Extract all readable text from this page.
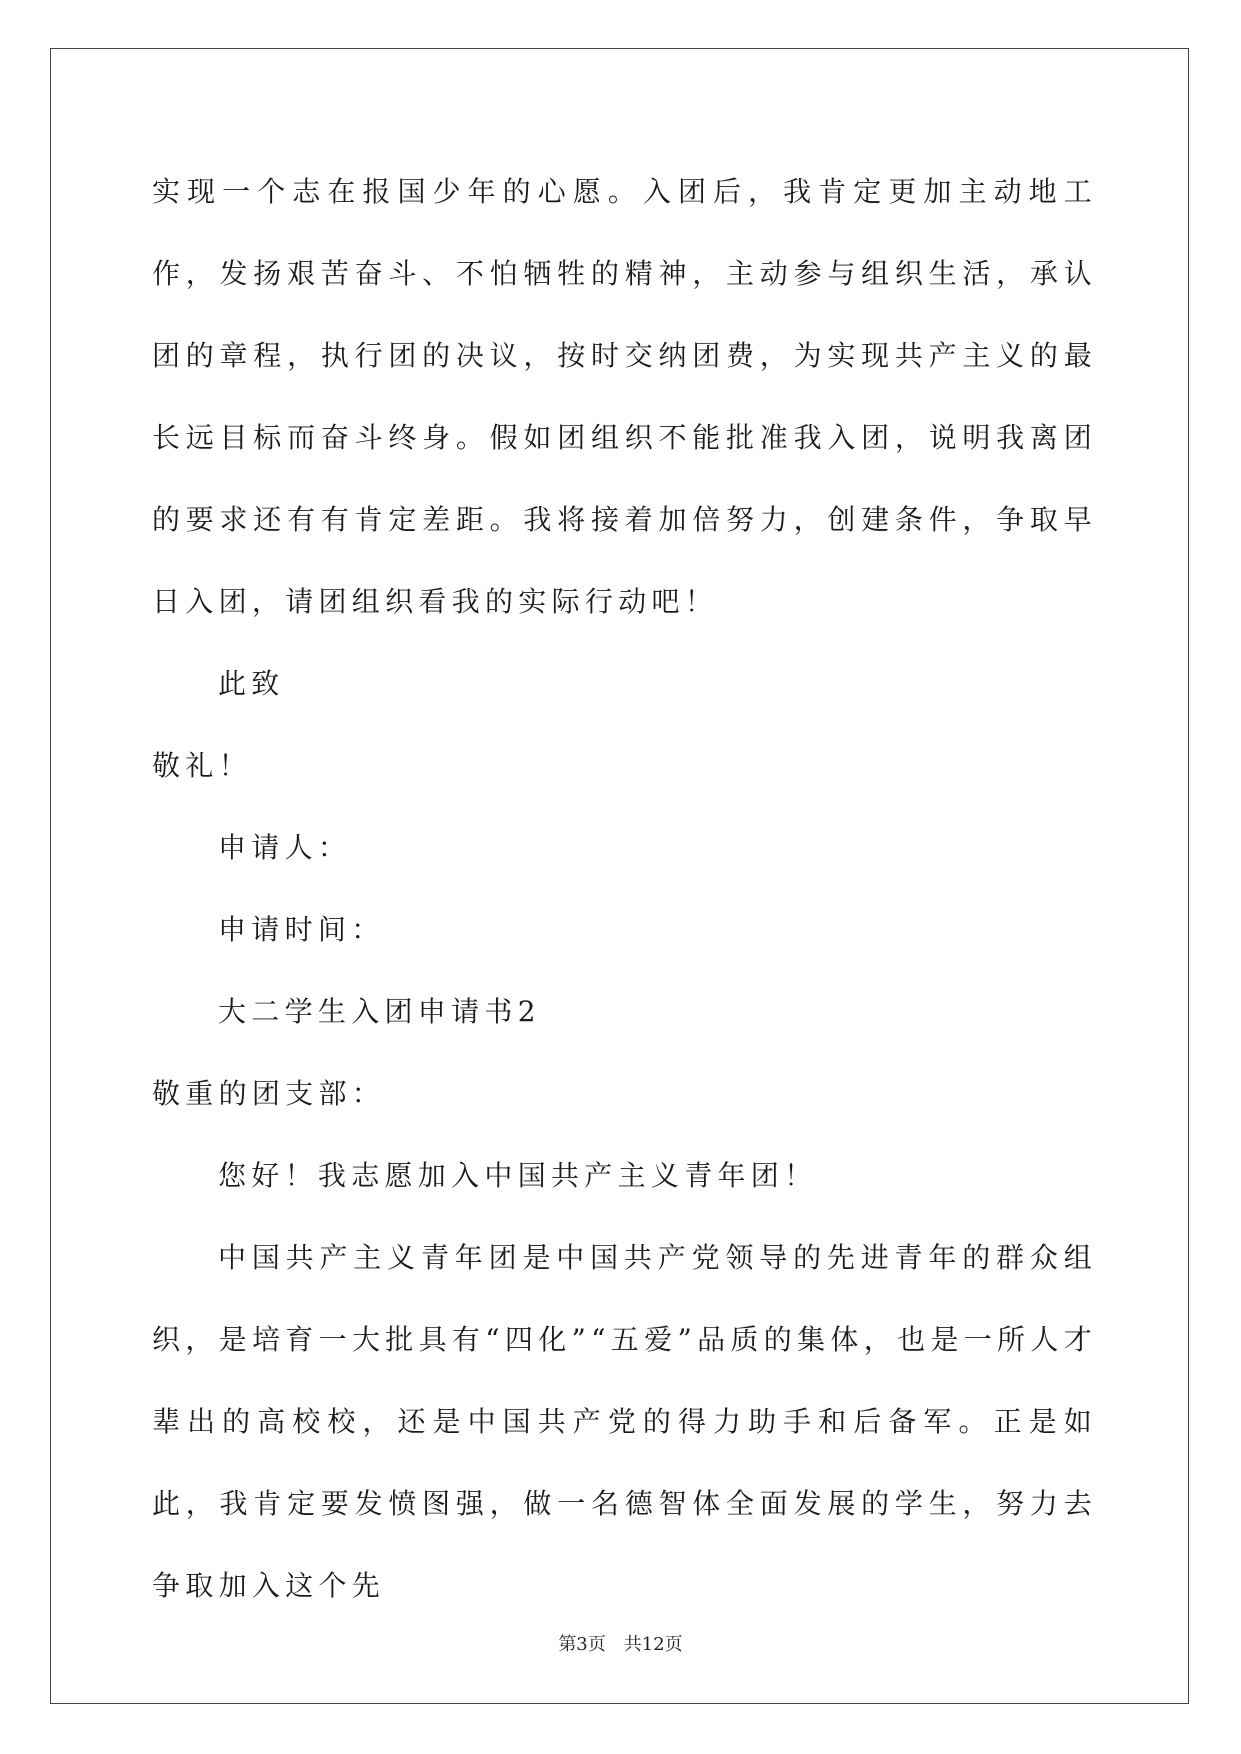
实现一个志在报国少年的心愿。入团后，我肯定更加主动地工作，发扬艰苦奋斗、不怕牺牲的精神，主动参与组织生活，承认团的章程，执行团的决议，按时交纳团费，为实现共产主义的最长远目标而奋斗终身。假如团组织不能批准我入团，说明我离团的要求还有有肯定差距。我将接着加倍努力，创建条件，争取早日入团，请团组织看我的实际行动吧！

此致

敬礼！

申请人：

申请时间：

大二学生入团申请书2

敬重的团支部：

您好！我志愿加入中国共产主义青年团！

中国共产主义青年团是中国共产党领导的先进青年的群众组织，是培育一大批具有“四化”“五爱”品质的集体，也是一所人才辈出的高校校，还是中国共产党的得力助手和后备军。正是如此，我肯定要发愤图强，做一名德智体全面发展的学生，努力去争取加入这个先

第3页 共12页
